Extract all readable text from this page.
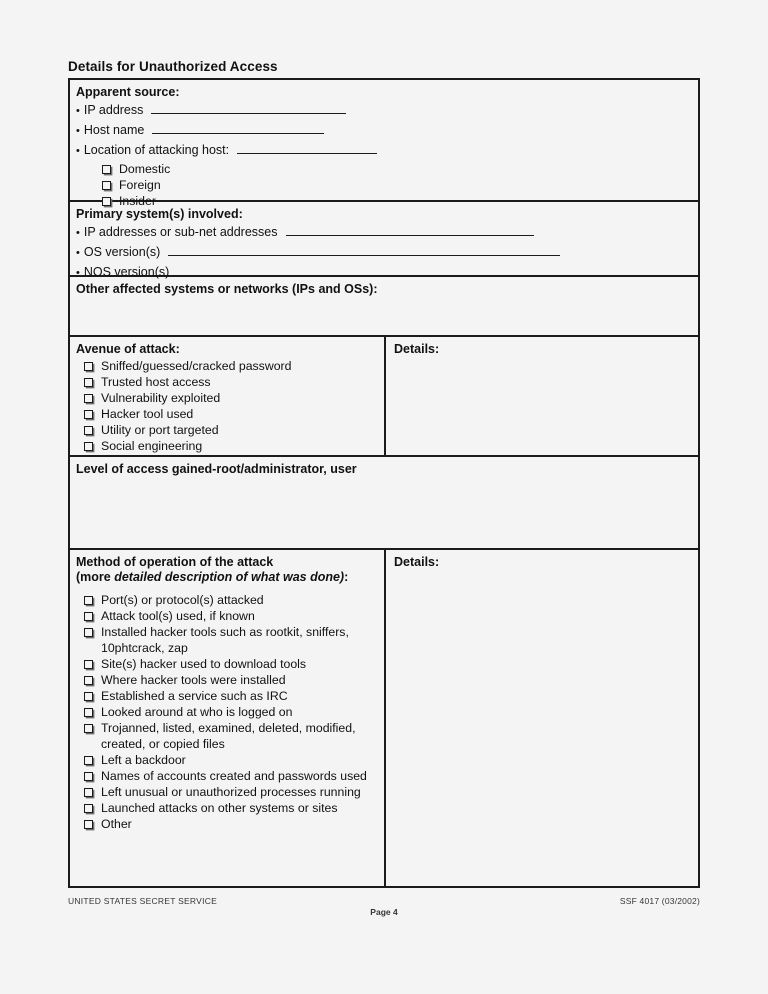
Details for Unauthorized Access
Apparent source:
• IP address
• Host name
• Location of attacking host:
Domestic
Foreign
Insider
Primary system(s) involved:
• IP addresses or sub-net addresses
• OS version(s)
• NOS version(s)
Other affected systems or networks (IPs and OSs):
Avenue of attack:
Sniffed/guessed/cracked password
Trusted host access
Vulnerability exploited
Hacker tool used
Utility or port targeted
Social engineering
Details:
Level of access gained-root/administrator, user
Method of operation of the attack
(more detailed description of what was done):
Port(s) or protocol(s) attacked
Attack tool(s) used, if known
Installed hacker tools such as rootkit, sniffers, 10phtcrack, zap
Site(s) hacker used to download tools
Where hacker tools were installed
Established a service such as IRC
Looked around at who is logged on
Trojanned, listed, examined, deleted, modified, created, or copied files
Left a backdoor
Names of accounts created and passwords used
Left unusual or unauthorized processes running
Launched attacks on other systems or sites
Other
Details:
UNITED STATES SECRET SERVICE	SSF 4017 (03/2002)
Page 4
